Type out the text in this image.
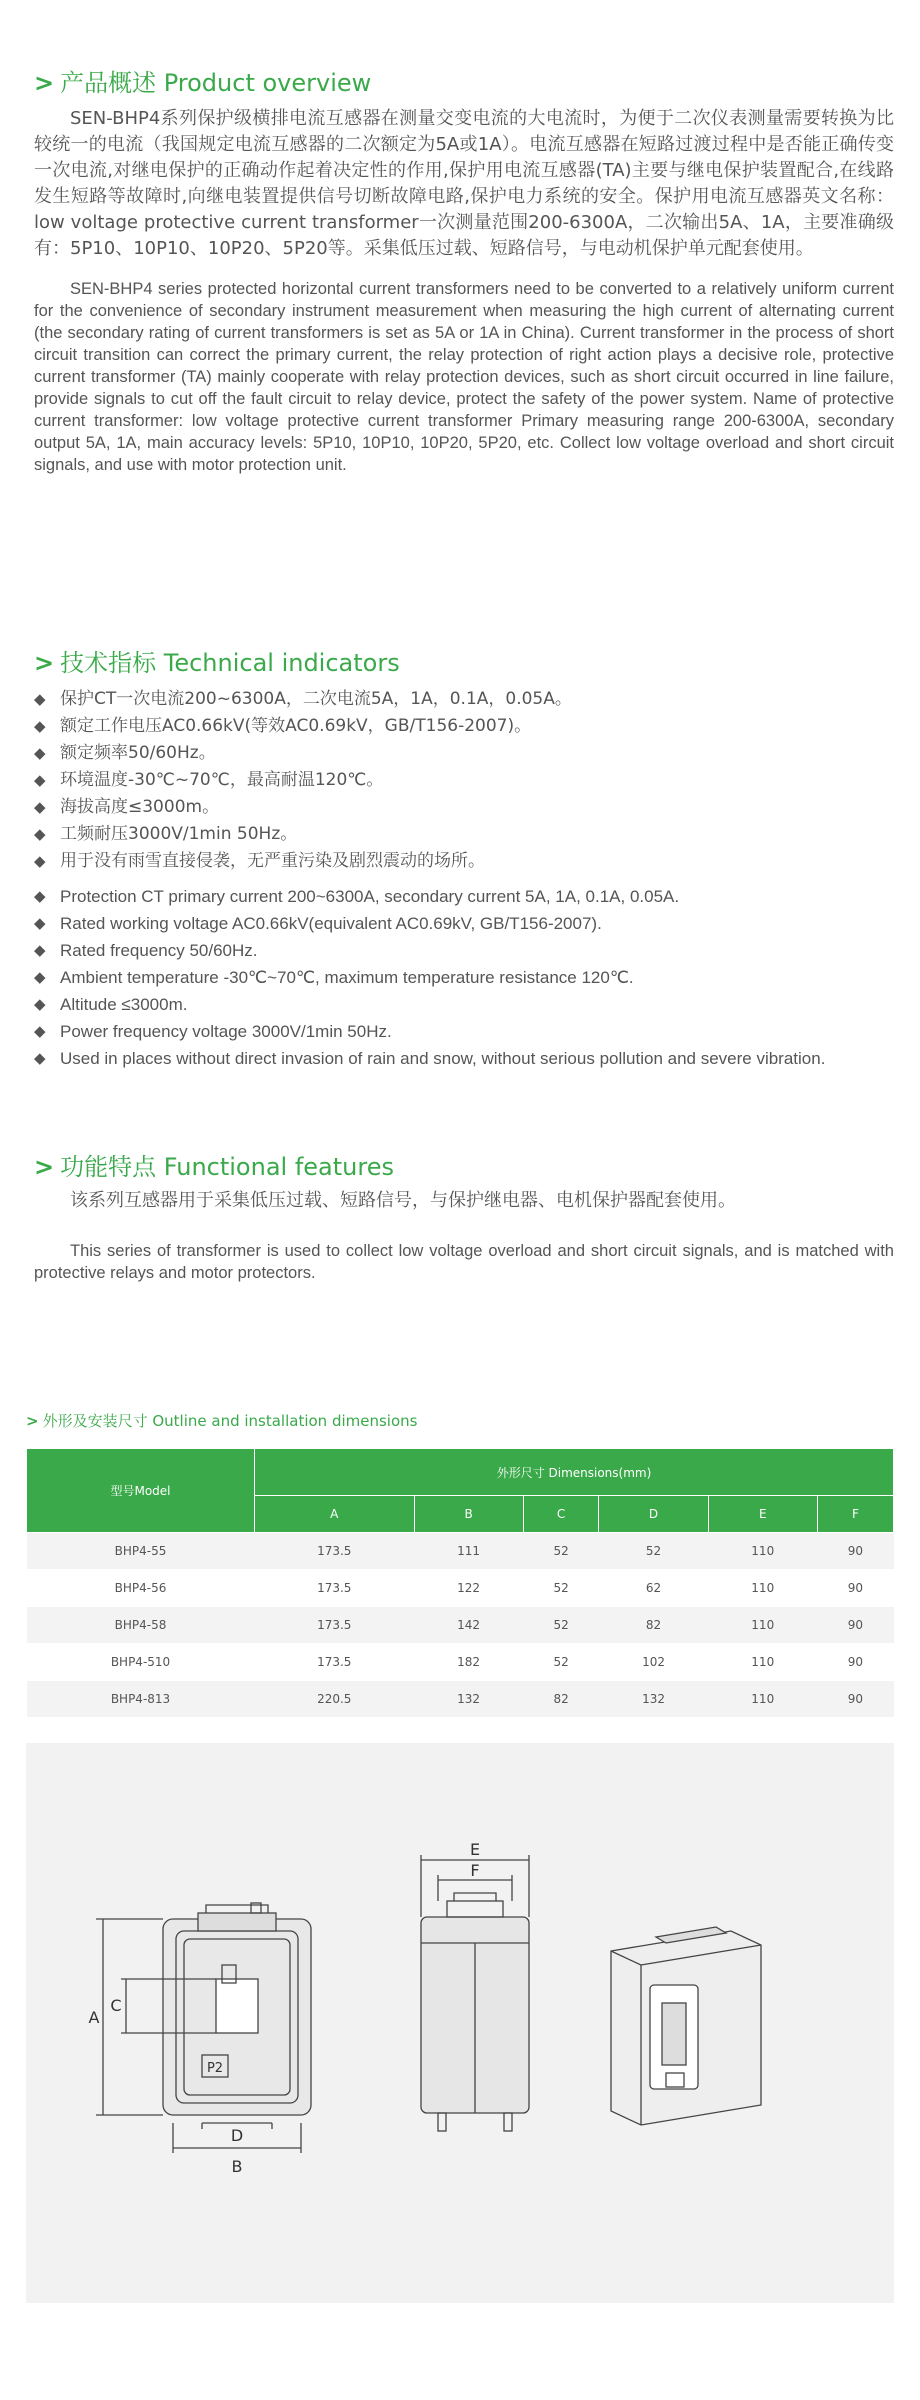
> 产品概述 Product overview

SEN-BHP4系列保护级横排电流互感器在测量交变电流的大电流时，为便于二次仪表测量需要转换为比较统一的电流（我国规定电流互感器的二次额定为5A或1A）。电流互感器在短路过渡过程中是否能正确传变一次电流,对继电保护的正确动作起着决定性的作用,保护用电流互感器(TA)主要与继电保护装置配合,在线路发生短路等故障时,向继电装置提供信号切断故障电路,保护电力系统的安全。保护用电流互感器英文名称：low voltage protective current transformer一次测量范围200-6300A，二次输出5A、1A，主要准确级有：5P10、10P10、10P20、5P20等。采集低压过载、短路信号，与电动机保护单元配套使用。

SEN-BHP4 series protected horizontal current transformers need to be converted to a relatively uniform current for the convenience of secondary instrument measurement when measuring the high current of alternating current (the secondary rating of current transformers is set as 5A or 1A in China). Current transformer in the process of short circuit transition can correct the primary current, the relay protection of right action plays a decisive role, protective current transformer (TA) mainly cooperate with relay protection devices, such as short circuit occurred in line failure, provide signals to cut off the fault circuit to relay device, protect the safety of the power system. Name of protective current transformer: low voltage protective current transformer Primary measuring range 200-6300A, secondary output 5A, 1A, main accuracy levels: 5P10, 10P10, 10P20, 5P20, etc. Collect low voltage overload and short circuit signals, and use with motor protection unit.

> 技术指标 Technical indicators
◆ 保护CT一次电流200~6300A，二次电流5A，1A，0.1A，0.05A。
◆ 额定工作电压AC0.66kV(等效AC0.69kV，GB/T156-2007)。
◆ 额定频率50/60Hz。
◆ 环境温度-30℃~70℃，最高耐温120℃。
◆ 海拔高度≤3000m。
◆ 工频耐压3000V/1min 50Hz。
◆ 用于没有雨雪直接侵袭，无严重污染及剧烈震动的场所。
◆ Protection CT primary current 200~6300A, secondary current 5A, 1A, 0.1A, 0.05A.
◆ Rated working voltage AC0.66kV(equivalent AC0.69kV, GB/T156-2007).
◆ Rated frequency 50/60Hz.
◆ Ambient temperature -30℃~70℃, maximum temperature resistance 120℃.
◆ Altitude ≤3000m.
◆ Power frequency voltage 3000V/1min 50Hz.
◆ Used in places without direct invasion of rain and snow, without serious pollution and severe vibration.
> 功能特点 Functional features

该系列互感器用于采集低压过载、短路信号，与保护继电器、电机保护器配套使用。

This series of transformer is used to collect low voltage overload and short circuit signals, and is matched with protective relays and motor protectors.

> 外形及安装尺寸 Outline and installation dimensions
型号Model	外形尺寸 Dimensions(mm)					
	A	B	C	D	E	F
BHP4-55	173.5	111	52	52	110	90
BHP4-56	173.5	122	52	62	110	90
BHP4-58	173.5	142	52	82	110	90
BHP4-510	173.5	182	52	102	110	90
BHP4-813	220.5	132	82	132	110	90
B
D
A
C
E
F
P2
